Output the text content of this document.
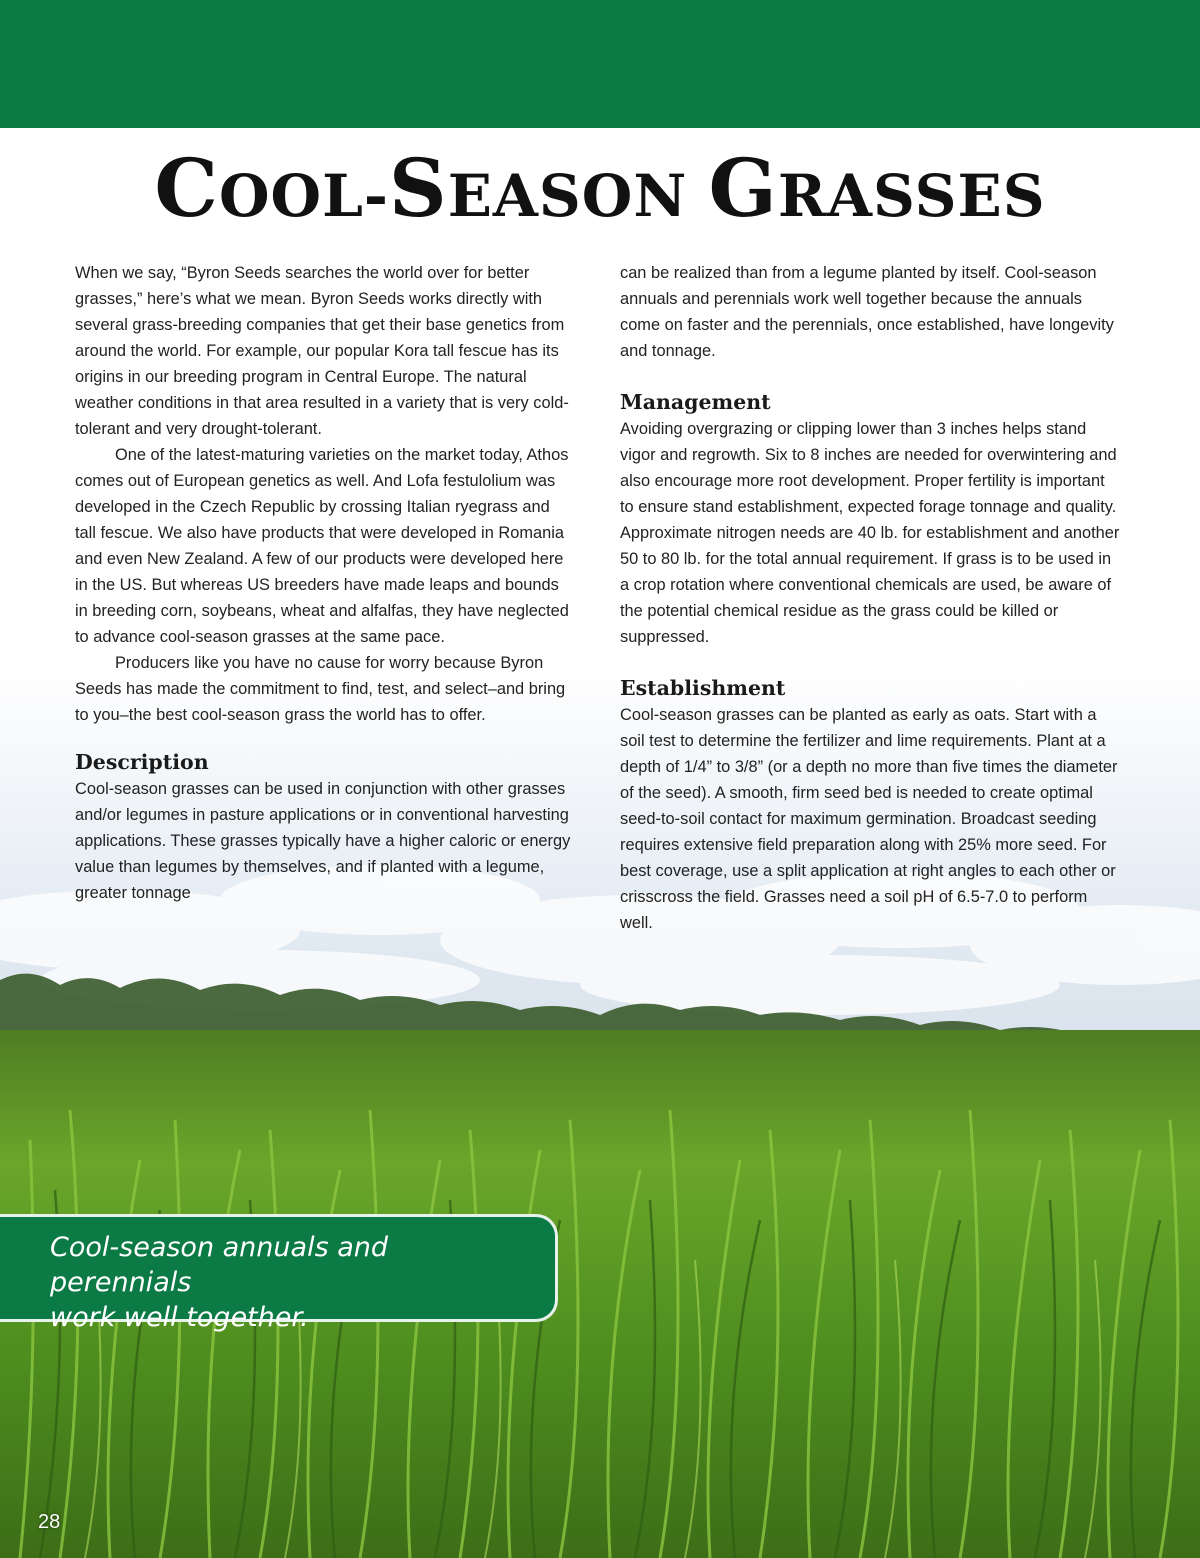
COOL-SEASON GRASSES

When we say, “Byron Seeds searches the world over for better grasses,” here’s what we mean. Byron Seeds works directly with several grass-breeding companies that get their base genetics from around the world. For example, our popular Kora tall fescue has its origins in our breeding program in Central Europe. The natural weather conditions in that area resulted in a variety that is very cold-tolerant and very drought-tolerant.

One of the latest-maturing varieties on the market today, Athos comes out of European genetics as well. And Lofa festulolium was developed in the Czech Republic by crossing Italian ryegrass and tall fescue. We also have products that were developed in Romania and even New Zealand. A few of our products were developed here in the US. But whereas US breeders have made leaps and bounds in breeding corn, soybeans, wheat and alfalfas, they have neglected to advance cool-season grasses at the same pace.

Producers like you have no cause for worry because Byron Seeds has made the commitment to find, test, and select–and bring to you–the best cool-season grass the world has to offer.

Description

Cool-season grasses can be used in conjunction with other grasses and/or legumes in pasture applications or in conventional harvesting applications. These grasses typically have a higher caloric or energy value than legumes by themselves, and if planted with a legume, greater tonnage

can be realized than from a legume planted by itself. Cool-season annuals and perennials work well together because the annuals come on faster and the perennials, once established, have longevity and tonnage.

Management

Avoiding overgrazing or clipping lower than 3 inches helps stand vigor and regrowth. Six to 8 inches are needed for overwintering and also encourage more root development. Proper fertility is important to ensure stand establishment, expected forage tonnage and quality. Approximate nitrogen needs are 40 lb. for establishment and another 50 to 80 lb. for the total annual requirement. If grass is to be used in a crop rotation where conventional chemicals are used, be aware of the potential chemical residue as the grass could be killed or suppressed.

Establishment

Cool-season grasses can be planted as early as oats. Start with a soil test to determine the fertilizer and lime requirements. Plant at a depth of 1/4” to 3/8” (or a depth no more than five times the diameter of the seed). A smooth, firm seed bed is needed to create optimal seed-to-soil contact for maximum germination. Broadcast seeding requires extensive field preparation along with 25% more seed. For best coverage, use a split application at right angles to each other or crisscross the field. Grasses need a soil pH of 6.5-7.0 to perform well.

Cool-season annuals and perennials
work well together.
28
